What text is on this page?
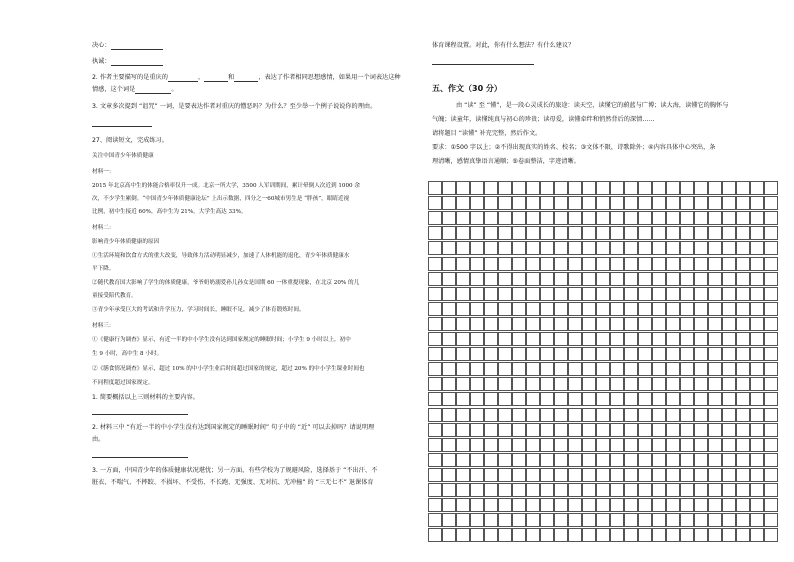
决心：
执诚：
2. 作者主要描写的是重庆的	，	和	，表达了作者相同思想感情，如果用一个词表达这种
情感，这个词是	。
3. 文章多次提到 “诅咒” 一词，是要表达作者对重庆的憎恶吗？为什么？至少举一个例子说说你的理由。
27、阅读短文，完成练习。
关注中国青少年体质健康
材料一：
2015 年北京高中生的体能合格率仅升一成。北京一所大学，3500 人军训期间，累计晕倒人次近到 1000 余
次，不少学生累倒。“中国青少年体质健康论坛” 上出示数据，四分之一60城市男生是 “胖孩”，眼睛近视
比例，初中生接近 60%，高中生为 21%，大学生高达 33%。
材料二：
影响青少年体质健康的原因
①生活环境和饮食方式的重大改变，导致体力活动明显减少，加速了人体机能的退化，青少年体质健康水
平下降。
②随代教育国大影响了学生的体质健康，爷爷奶奶溺爱孙儿孙女是国期 60 一体重提现象，在北京 20% 的儿
童接受陪代教育。
③青少年承受巨大的考试和升学压力，学习时间长，睡眠不足，减少了体育锻炼时间。
材料三：
①《健康行为调查》显示，有近一半的中小学生没有达到国家规定的睡眠时间；小学生 9 小时以上，初中
生 9 小时，高中生 8 小时。
②《膳食情况调查》显示，超过 10% 的中小学生业后时间超过国家的规定，超过 20% 的中小学生课业时间也
不同程度超过国家规定。
1. 简要概括以上三则材料的主要内容。
2. 材料三中 “有近一半的中小学生没有达到国家规定的睡眠时间” 句子中的 “近” 可以去掉吗？请说明理
由。
3. 一方面，中国青少年的体质健康状况堪忧；另一方面，有些学校为了规避风险，选择基于 “不出汗、不
脏衣、不喘气、不摔跤、不损坏、不受伤、不长跑、无强度、无对抗、无冲撞” 的 “三无七不” 退课体育
体育课程设置。对此，你有什么想法？有什么建议？
五、作文（30 分）
由 “读” 至 “懂”，是一段心灵成长的旅途：读天空，读懂它的蔚蓝与广博；读大海，读懂它的胸怀与
气魄；读童年，读懂纯真与初心的珍贵；读母爱，读懂牵绊和悄然背后的深情……
请将题目 “读懂” 补充完整，然后作文。
要求：①500 字以上；②不得出现真实的姓名、校名；③文体不限，诗歌除外；④内容具体中心突出，条
理清晰，感情真挚语言通顺；⑤卷面整洁，字迹清晰。
